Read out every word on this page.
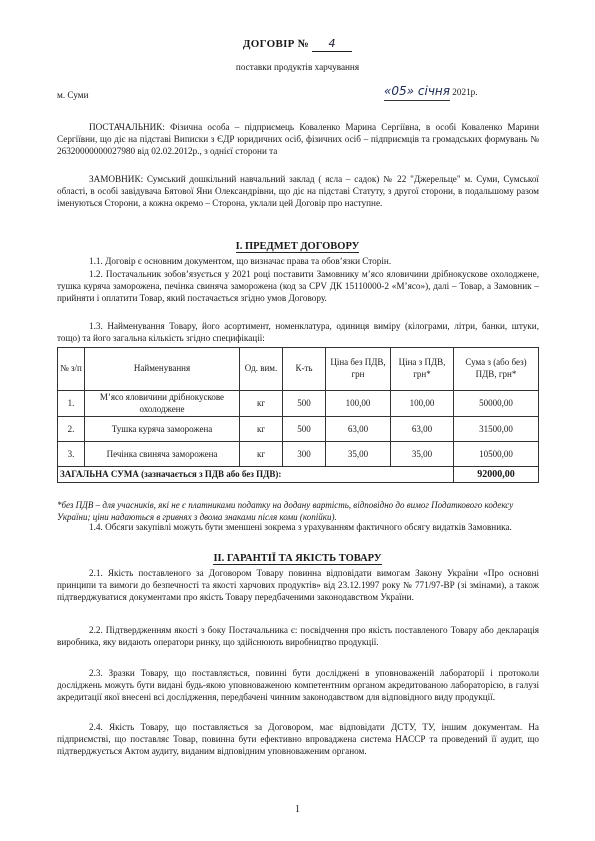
ДОГОВІР № 4
поставки продуктів харчування
м. Суми	«05» січня 2021р.

ПОСТАЧАЛЬНИК: Фізична особа – підприємець Коваленко Марина Сергіївна, в особі Коваленко Марини Сергіївни, що діє на підставі Виписки з ЄДР юридичних осіб, фізичних осіб – підприємців та громадських формувань № 26320000000027980 від 02.02.2012р., з однієї сторони та

ЗАМОВНИК: Сумський дошкільний навчальний заклад ( ясла – садок) № 22 "Джерельце" м. Суми, Сумської області, в особі завідувача Бятової Яни Олександрівни, що діє на підставі Статуту, з другої сторони, в подальшому разом іменуються Сторони, а кожна окремо – Сторона, уклали цей Договір про наступне.

І. ПРЕДМЕТ ДОГОВОРУ

1.1. Договір є основним документом, що визначає права та обов’язки Сторін.

1.2. Постачальник зобов’язується у 2021 році поставити Замовнику м’ясо яловичини дрібнокускове охолоджене, тушка куряча заморожена, печінка свиняча заморожена (код за СРV ДК 15110000-2 «М’ясо»), далі – Товар, а Замовник – прийняти і оплатити Товар, який постачається згідно умов Договору.

1.3. Найменування Товару, його асортимент, номенклатура, одиниця виміру (кілограми, літри, банки, штуки, тощо) та його загальна кількість згідно специфікації:

№ з/п	Найменування	Од. вим.	К-ть	Ціна без ПДВ, грн	Ціна з ПДВ, грн*	Сума з (або без) ПДВ, грн*
1.	М’ясо яловичини дрібнокускове охолоджене	кг	500	100,00	100,00	50000,00
2.	Тушка куряча заморожена	кг	500	63,00	63,00	31500,00
3.	Печінка свиняча заморожена	кг	300	35,00	35,00	10500,00
ЗАГАЛЬНА СУМА (зазначається з ПДВ або без ПДВ):						92000,00

*без ПДВ – для учасників, які не є платниками податку на додану вартість, відповідно до вимог Податкового кодексу України; ціни надаються в гривнях з двома знаками після коми (копійки).

1.4. Обсяги закупівлі можуть бути зменшені зокрема з урахуванням фактичного обсягу видатків Замовника.

ІІ. ГАРАНТІЇ ТА ЯКІСТЬ ТОВАРУ

2.1. Якість поставленого за Договором Товару повинна відповідати вимогам Закону України «Про основні принципи та вимоги до безпечності та якості харчових продуктів» від 23.12.1997 року № 771/97-ВР (зі змінами), а також підтверджуватися документами про якість Товару передбаченими законодавством України.

2.2. Підтвердженням якості з боку Постачальника є: посвідчення про якість поставленого Товару або декларація виробника, яку видають оператори ринку, що здійснюють виробництво продукції.

2.3. Зразки Товару, що поставляється, повинні бути досліджені в уповноваженій лабораторії і протоколи досліджень можуть бути видані будь-якою уповноваженою компетентним органом акредитованою лабораторією, в галузі акредитації якої внесені всі дослідження, передбачені чинним законодавством для відповідного виду продукції.

2.4. Якість Товару, що поставляється за Договором, має відповідати ДСТУ, ТУ, іншим документам. На підприємстві, що поставляє Товар, повинна бути ефективно впроваджена система НАССР та проведений її аудит, що підтверджується Актом аудиту, виданим відповідним уповноваженим органом.

1
